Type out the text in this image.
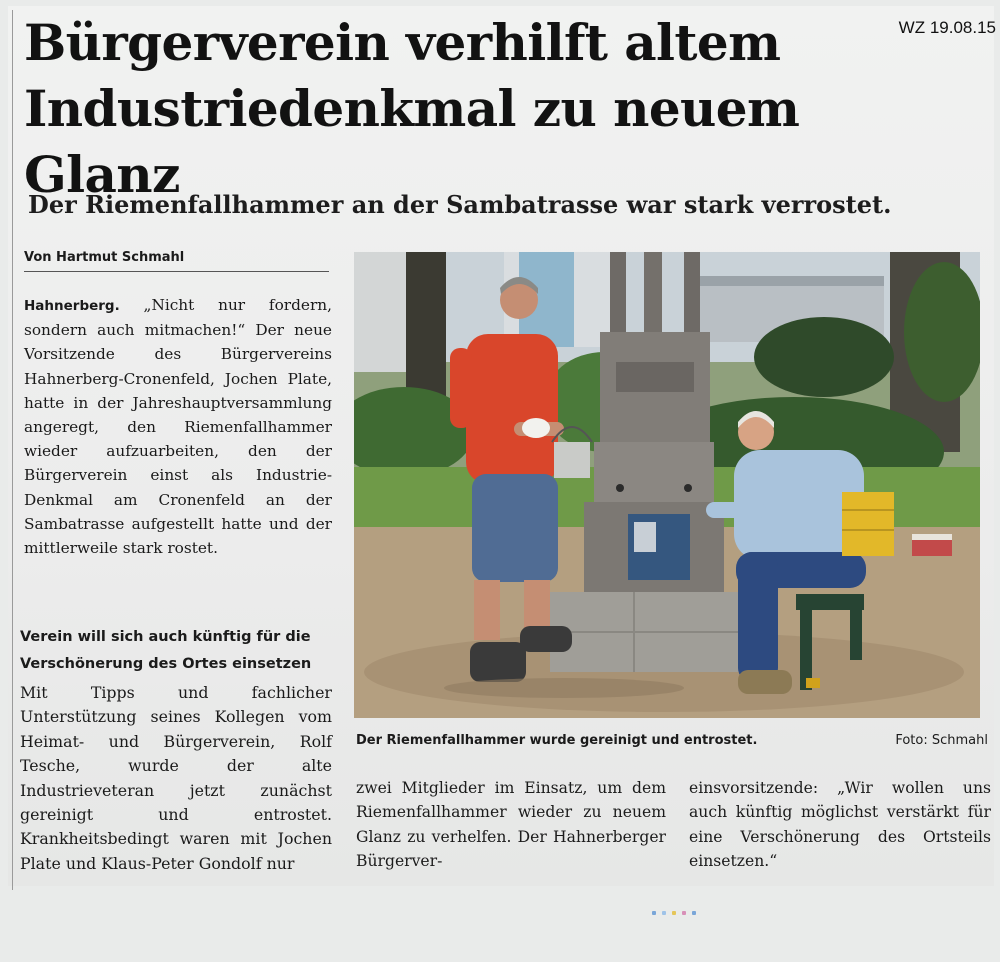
WZ 19.08.15
Bürgerverein verhilft altem Industriedenkmal zu neuem Glanz
Der Riemenfallhammer an der Sambatrasse war stark verrostet.
Von Hartmut Schmahl

Hahnerberg. „Nicht nur fordern, sondern auch mitmachen!“ Der neue Vorsitzende des Bürgervereins Hahnerberg-Cronenfeld, Jochen Plate, hatte in der Jahreshauptversammlung angeregt, den Riemenfallhammer wieder aufzuarbeiten, den der Bürgerverein einst als Industrie-Denkmal am Cronenfeld an der Sambatrasse aufgestellt hatte und der mittlerweile stark rostet.

Verein will sich auch künftig für die Verschönerung des Ortes einsetzen

Mit Tipps und fachlicher Unterstützung seines Kollegen vom Heimat- und Bürgerverein, Rolf Tesche, wurde der alte Industrieveteran jetzt zunächst gereinigt und entrostet. Krankheitsbedingt waren mit Jochen Plate und Klaus-Peter Gondolf nur

Der Riemenfallhammer wurde gereinigt und entrostet.	Foto: Schmahl

zwei Mitglieder im Einsatz, um dem Riemenfallhammer wieder zu neuem Glanz zu verhelfen. Der Hahnerberger Bürgerver-

einsvorsitzende: „Wir wollen uns auch künftig möglichst verstärkt für eine Verschönerung des Ortsteils einsetzen.“
